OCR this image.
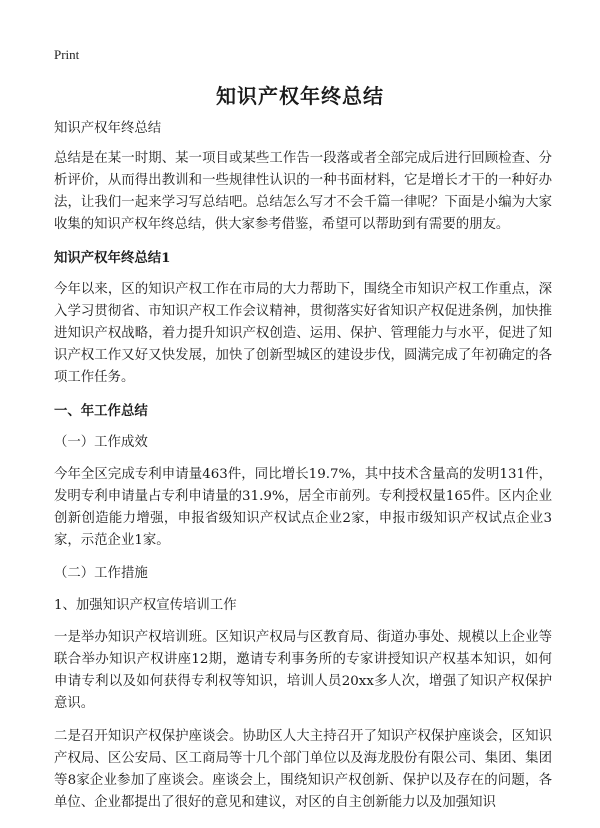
Print
知识产权年终总结

知识产权年终总结

总结是在某一时期、某一项目或某些工作告一段落或者全部完成后进行回顾检查、分析评价，从而得出教训和一些规律性认识的一种书面材料，它是增长才干的一种好办法，让我们一起来学习写总结吧。总结怎么写才不会千篇一律呢？下面是小编为大家收集的知识产权年终总结，供大家参考借鉴，希望可以帮助到有需要的朋友。

知识产权年终总结1

今年以来，区的知识产权工作在市局的大力帮助下，围绕全市知识产权工作重点，深入学习贯彻省、市知识产权工作会议精神，贯彻落实好省知识产权促进条例，加快推进知识产权战略，着力提升知识产权创造、运用、保护、管理能力与水平，促进了知识产权工作又好又快发展，加快了创新型城区的建设步伐，圆满完成了年初确定的各项工作任务。

一、年工作总结

（一）工作成效

今年全区完成专利申请量463件，同比增长19.7%，其中技术含量高的发明131件，发明专利申请量占专利申请量的31.9%，居全市前列。专利授权量165件。区内企业创新创造能力增强，申报省级知识产权试点企业2家，申报市级知识产权试点企业3家，示范企业1家。

（二）工作措施

1、加强知识产权宣传培训工作

一是举办知识产权培训班。区知识产权局与区教育局、街道办事处、规模以上企业等联合举办知识产权讲座12期，邀请专利事务所的专家讲授知识产权基本知识，如何申请专利以及如何获得专利权等知识，培训人员20xx多人次，增强了知识产权保护意识。

二是召开知识产权保护座谈会。协助区人大主持召开了知识产权保护座谈会，区知识产权局、区公安局、区工商局等十几个部门单位以及海龙股份有限公司、集团、集团等8家企业参加了座谈会。座谈会上，围绕知识产权创新、保护以及存在的问题，各单位、企业都提出了很好的意见和建议，对区的自主创新能力以及加强知识
